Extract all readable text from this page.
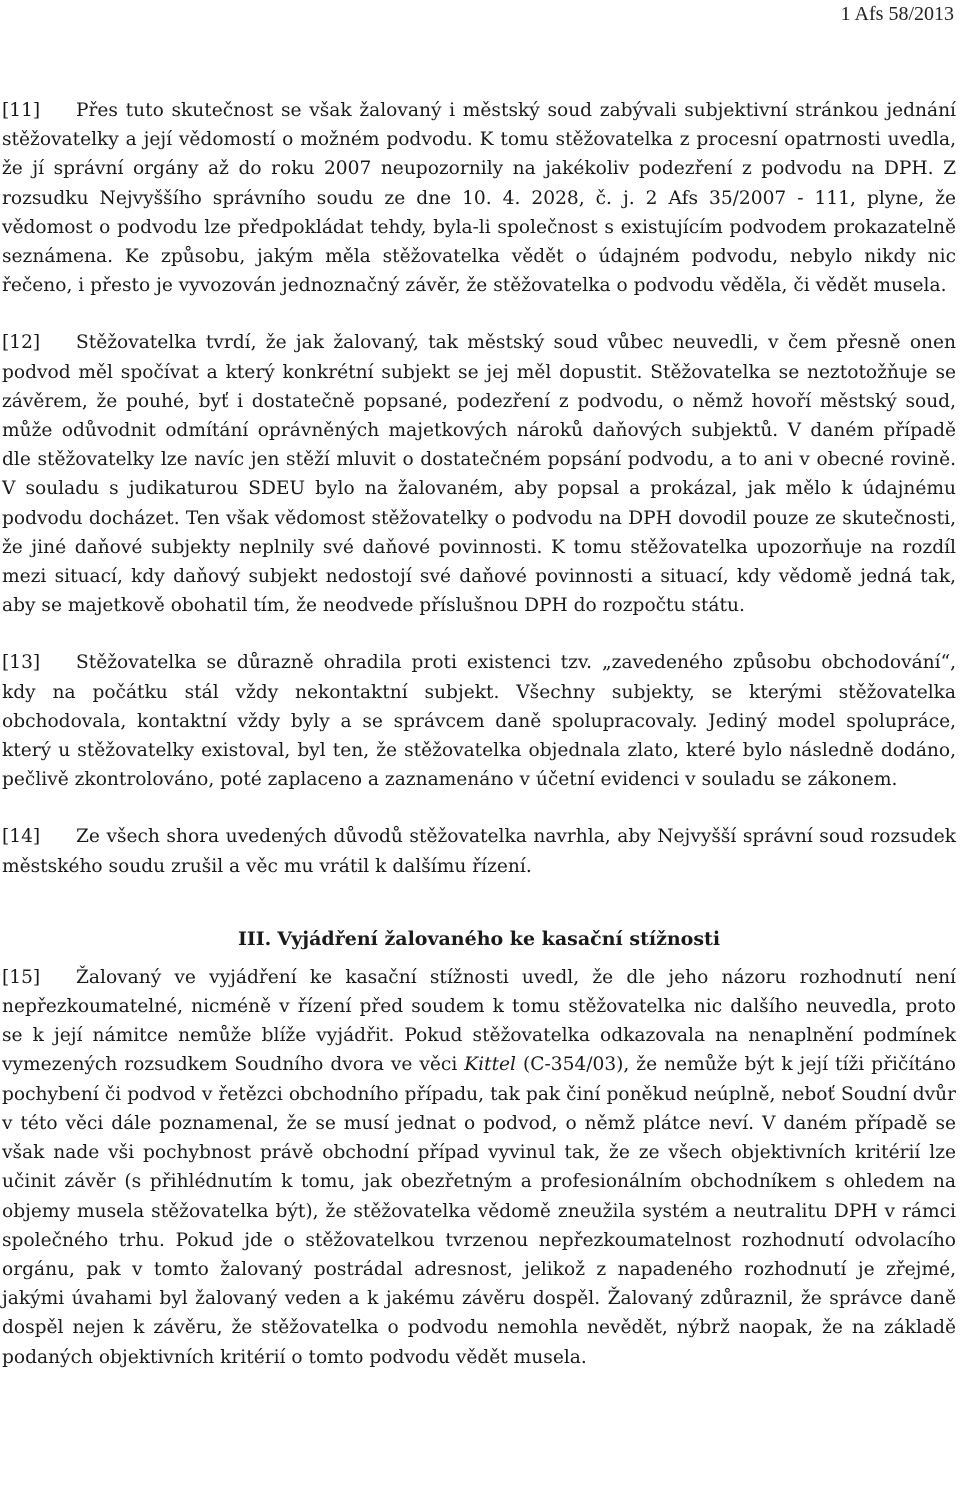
1 Afs 58/2013

[11] Přes tuto skutečnost se však žalovaný i městský soud zabývali subjektivní stránkou jednání stěžovatelky a její vědomostí o možném podvodu. K tomu stěžovatelka z procesní opatrnosti uvedla, že jí správní orgány až do roku 2007 neupozornily na jakékoliv podezření z podvodu na DPH. Z rozsudku Nejvyššího správního soudu ze dne 10. 4. 2028, č. j. 2 Afs 35/2007 - 111, plyne, že vědomost o podvodu lze předpokládat tehdy, byla-li společnost s existujícím podvodem prokazatelně seznámena. Ke způsobu, jakým měla stěžovatelka vědět o údajném podvodu, nebylo nikdy nic řečeno, i přesto je vyvozován jednoznačný závěr, že stěžovatelka o podvodu věděla, či vědět musela.

[12] Stěžovatelka tvrdí, že jak žalovaný, tak městský soud vůbec neuvedli, v čem přesně onen podvod měl spočívat a který konkrétní subjekt se jej měl dopustit. Stěžovatelka se neztotožňuje se závěrem, že pouhé, byť i dostatečně popsané, podezření z podvodu, o němž hovoří městský soud, může odůvodnit odmítání oprávněných majetkových nároků daňových subjektů. V daném případě dle stěžovatelky lze navíc jen stěží mluvit o dostatečném popsání podvodu, a to ani v obecné rovině. V souladu s judikaturou SDEU bylo na žalovaném, aby popsal a prokázal, jak mělo k údajnému podvodu docházet. Ten však vědomost stěžovatelky o podvodu na DPH dovodil pouze ze skutečnosti, že jiné daňové subjekty neplnily své daňové povinnosti. K tomu stěžovatelka upozorňuje na rozdíl mezi situací, kdy daňový subjekt nedostojí své daňové povinnosti a situací, kdy vědomě jedná tak, aby se majetkově obohatil tím, že neodvede příslušnou DPH do rozpočtu státu.

[13] Stěžovatelka se důrazně ohradila proti existenci tzv. „zavedeného způsobu obchodování“, kdy na počátku stál vždy nekontaktní subjekt. Všechny subjekty, se kterými stěžovatelka obchodovala, kontaktní vždy byly a se správcem daně spolupracovaly. Jediný model spolupráce, který u stěžovatelky existoval, byl ten, že stěžovatelka objednala zlato, které bylo následně dodáno, pečlivě zkontrolováno, poté zaplaceno a zaznamenáno v účetní evidenci v souladu se zákonem.

[14] Ze všech shora uvedených důvodů stěžovatelka navrhla, aby Nejvyšší správní soud rozsudek městského soudu zrušil a věc mu vrátil k dalšímu řízení.

III. Vyjádření žalovaného ke kasační stížnosti

[15] Žalovaný ve vyjádření ke kasační stížnosti uvedl, že dle jeho názoru rozhodnutí není nepřezkoumatelné, nicméně v řízení před soudem k tomu stěžovatelka nic dalšího neuvedla, proto se k její námitce nemůže blíže vyjádřit. Pokud stěžovatelka odkazovala na nenaplnění podmínek vymezených rozsudkem Soudního dvora ve věci Kittel (C-354/03), že nemůže být k její tíži přičítáno pochybení či podvod v řetězci obchodního případu, tak pak činí poněkud neúplně, neboť Soudní dvůr v této věci dále poznamenal, že se musí jednat o podvod, o němž plátce neví. V daném případě se však nade vši pochybnost právě obchodní případ vyvinul tak, že ze všech objektivních kritérií lze učinit závěr (s přihlédnutím k tomu, jak obezřetným a profesionálním obchodníkem s ohledem na objemy musela stěžovatelka být), že stěžovatelka vědomě zneužila systém a neutralitu DPH v rámci společného trhu. Pokud jde o stěžovatelkou tvrzenou nepřezkoumatelnost rozhodnutí odvolacího orgánu, pak v tomto žalovaný postrádal adresnost, jelikož z napadeného rozhodnutí je zřejmé, jakými úvahami byl žalovaný veden a k jakému závěru dospěl. Žalovaný zdůraznil, že správce daně dospěl nejen k závěru, že stěžovatelka o podvodu nemohla nevědět, nýbrž naopak, že na základě podaných objektivních kritérií o tomto podvodu vědět musela.
